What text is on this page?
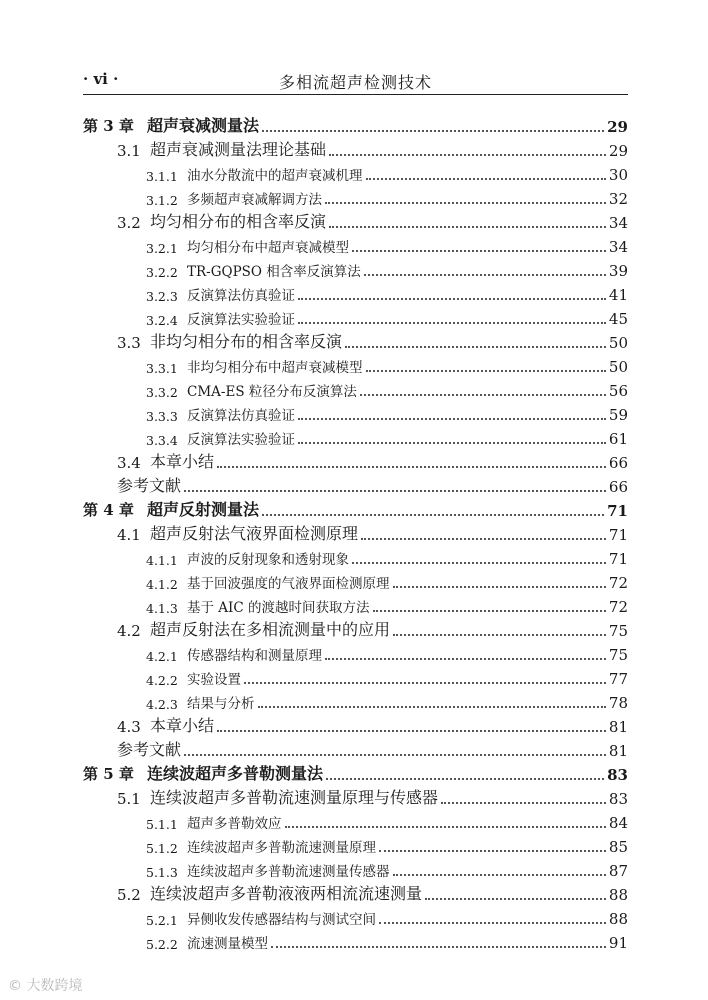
· vi ·	多相流超声检测技术
第 3 章 超声衰减测量法	29
3.1 超声衰减测量法理论基础	29
3.1.1 油水分散流中的超声衰减机理	30
3.1.2 多频超声衰减解调方法	32
3.2 均匀相分布的相含率反演	34
3.2.1 均匀相分布中超声衰减模型	34
3.2.2 TR-GQPSO 相含率反演算法	39
3.2.3 反演算法仿真验证	41
3.2.4 反演算法实验验证	45
3.3 非均匀相分布的相含率反演	50
3.3.1 非均匀相分布中超声衰减模型	50
3.3.2 CMA-ES 粒径分布反演算法	56
3.3.3 反演算法仿真验证	59
3.3.4 反演算法实验验证	61
3.4 本章小结	66
参考文献	66
第 4 章 超声反射测量法	71
4.1 超声反射法气液界面检测原理	71
4.1.1 声波的反射现象和透射现象	71
4.1.2 基于回波强度的气液界面检测原理	72
4.1.3 基于 AIC 的渡越时间获取方法	72
4.2 超声反射法在多相流测量中的应用	75
4.2.1 传感器结构和测量原理	75
4.2.2 实验设置	77
4.2.3 结果与分析	78
4.3 本章小结	81
参考文献	81
第 5 章 连续波超声多普勒测量法	83
5.1 连续波超声多普勒流速测量原理与传感器	83
5.1.1 超声多普勒效应	84
5.1.2 连续波超声多普勒流速测量原理	85
5.1.3 连续波超声多普勒流速测量传感器	87
5.2 连续波超声多普勒液液两相流流速测量	88
5.2.1 异侧收发传感器结构与测试空间	88
5.2.2 流速测量模型	91
© 大数跨境
